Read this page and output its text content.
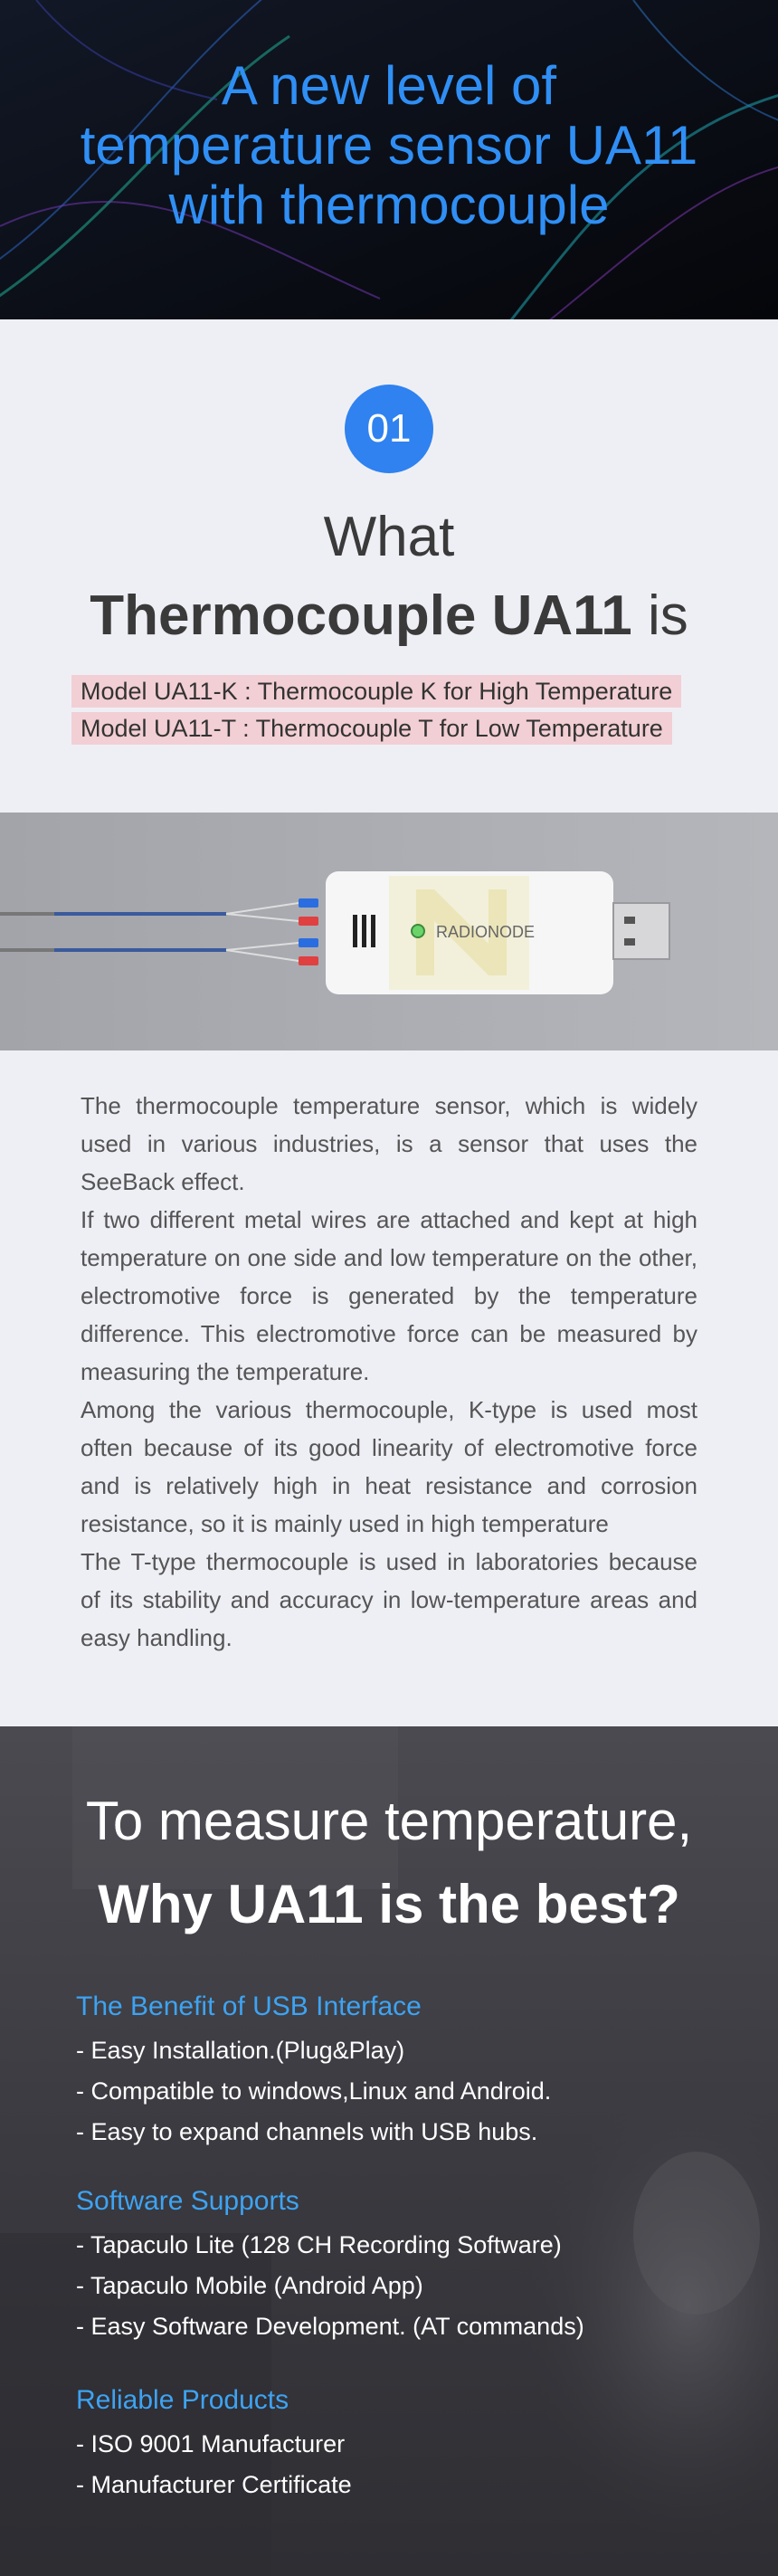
A new level of
temperature sensor UA11
with thermocouple
01
What
Thermocouple UA11 is
Model UA11-K : Thermocouple K for High Temperature
Model UA11-T : Thermocouple T for Low Temperature
RADIONODE

The thermocouple temperature sensor, which is widely used in various industries, is a sensor that uses the SeeBack effect.

If two different metal wires are attached and kept at high temperature on one side and low temperature on the other, electromotive force is generated by the temperature difference. This electromotive force can be measured by measuring the temperature.

Among the various thermocouple, K-type is used most often because of its good linearity of electromotive force and is relatively high in heat resistance and corrosion resistance, so it is mainly used in high temperature

The T-type thermocouple is used in laboratories because of its stability and accuracy in low-temperature areas and easy handling.

To measure temperature,
Why UA11 is the best?
The Benefit of USB Interface
- Easy Installation.(Plug&Play)
- Compatible to windows,Linux and Android.
- Easy to expand channels with USB hubs.
Software Supports
- Tapaculo Lite (128 CH Recording Software)
- Tapaculo Mobile (Android App)
- Easy Software Development. (AT commands)
Reliable Products
- ISO 9001 Manufacturer
- Manufacturer Certificate
